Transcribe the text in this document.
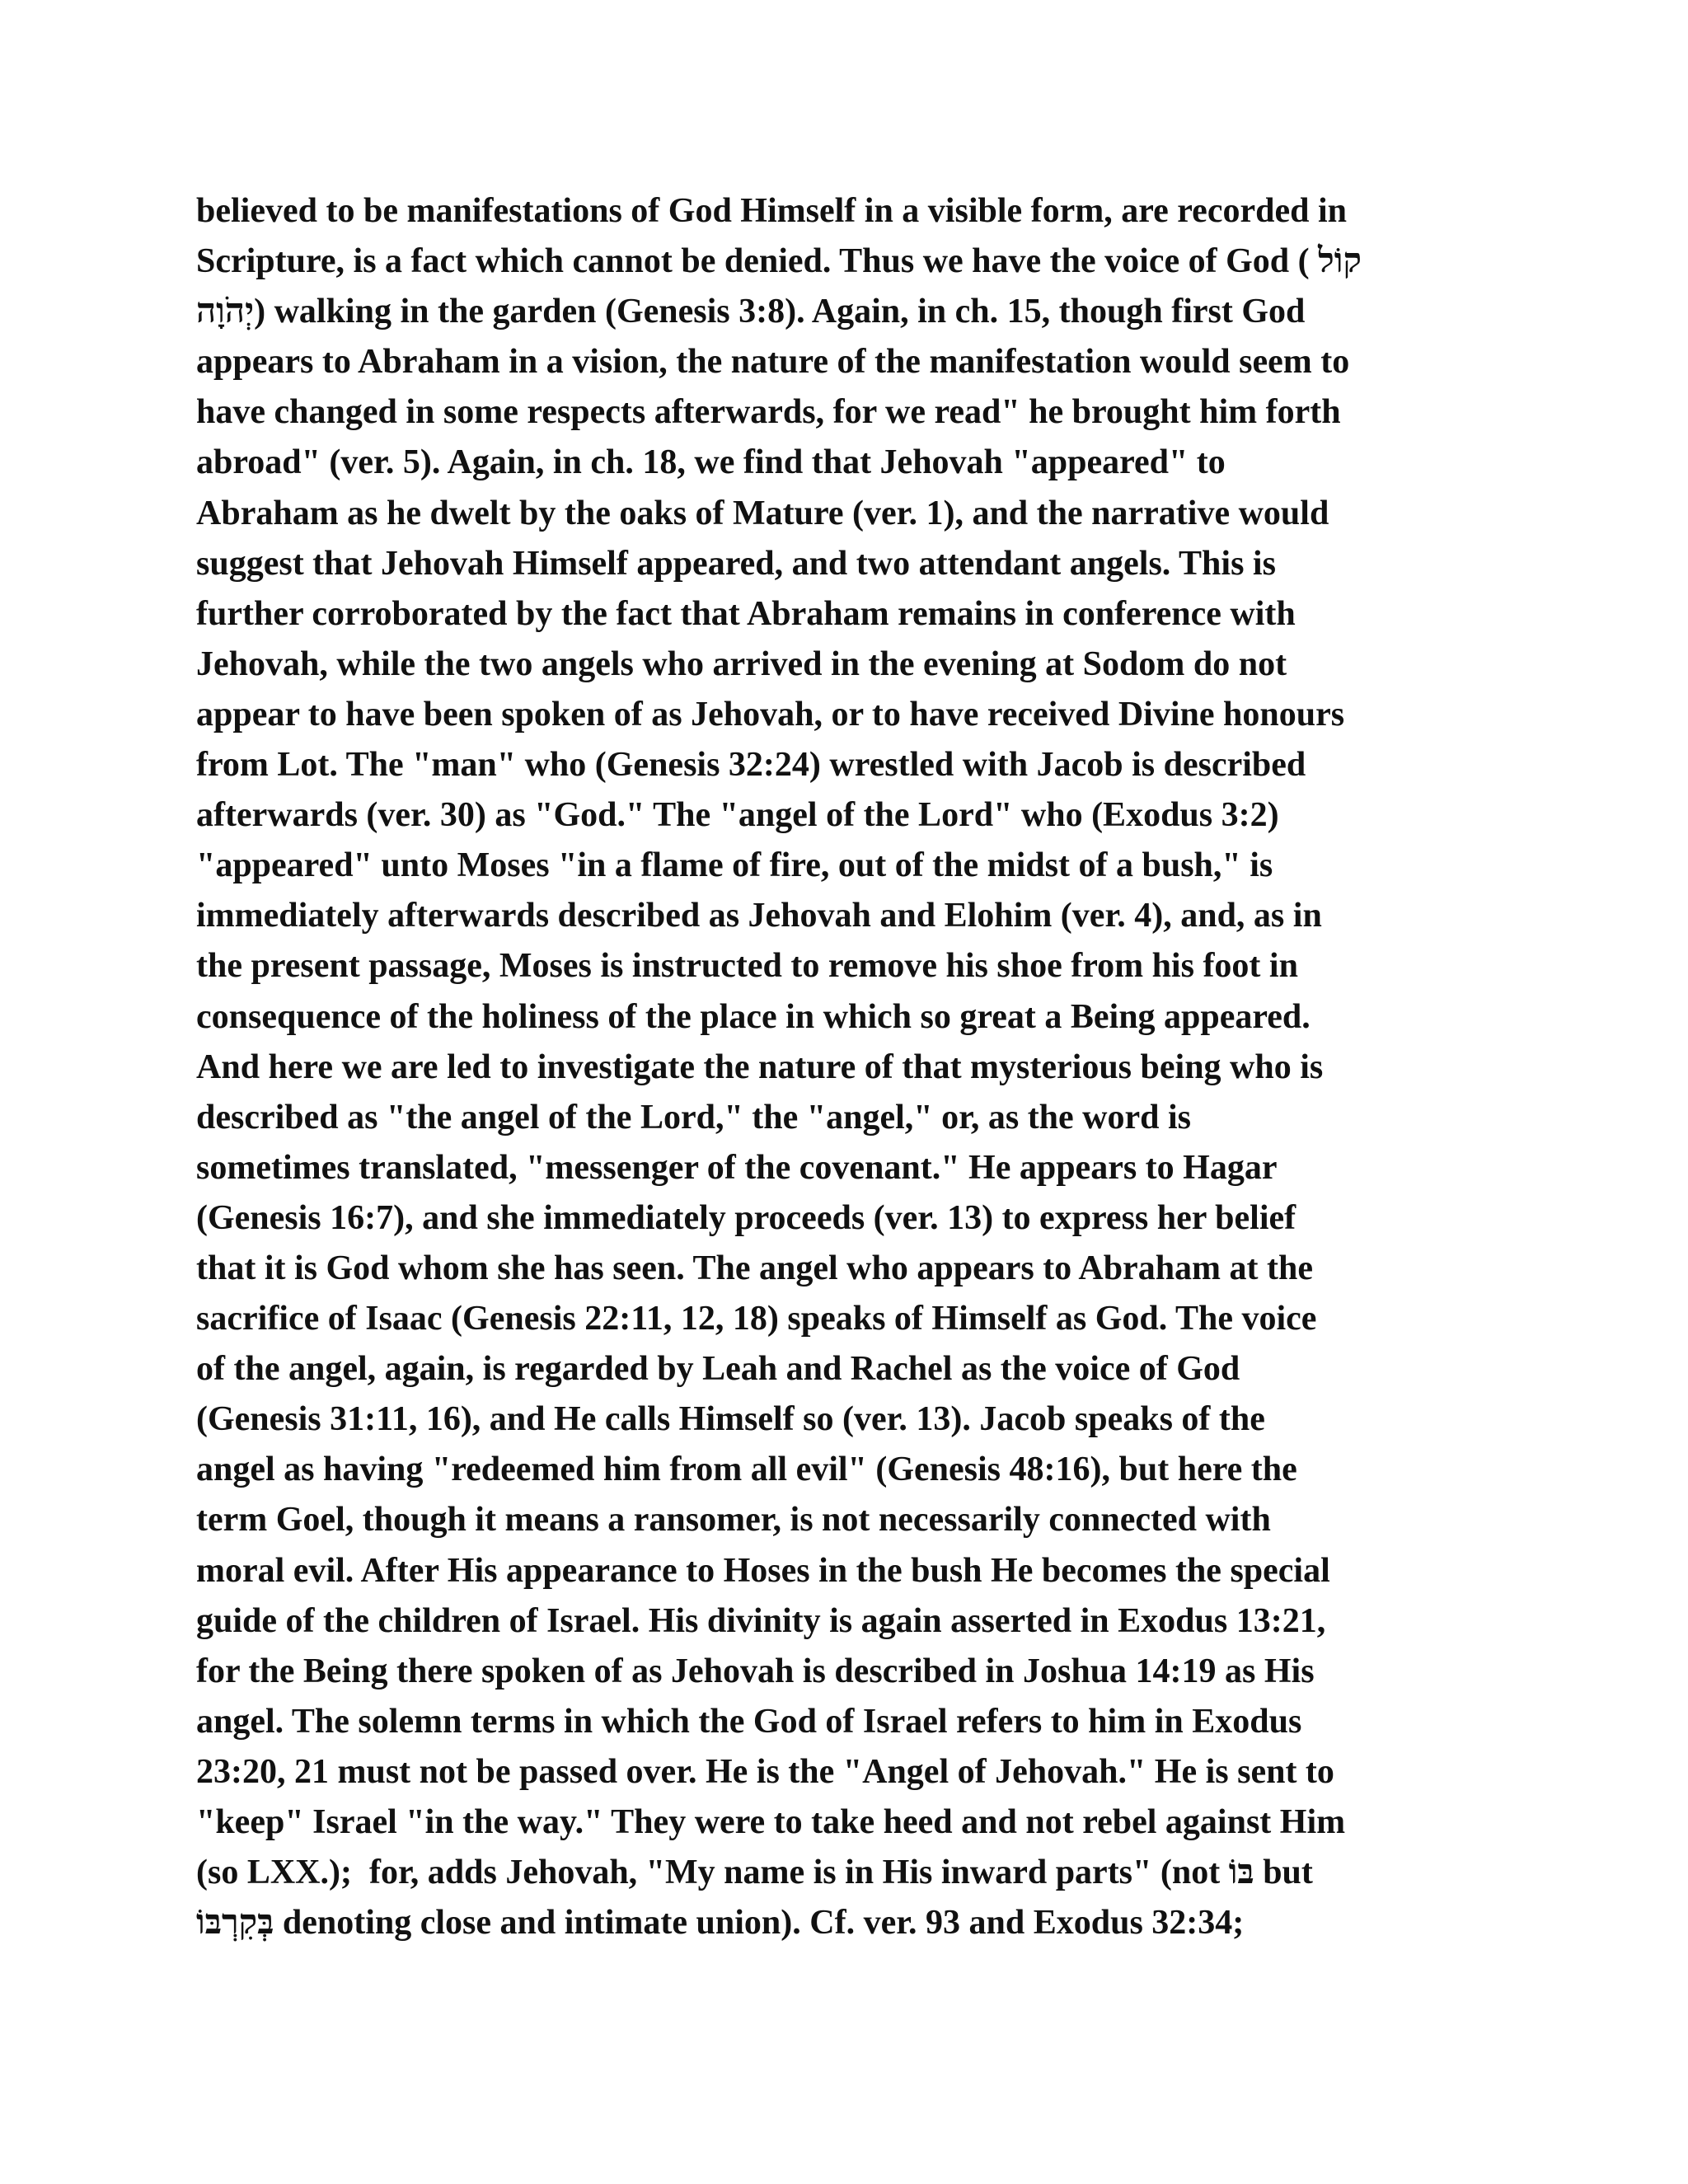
believed to be manifestations of God Himself in a visible form, are recorded in
Scripture, is a fact which cannot be denied. Thus we have the voice of God ( קוֹל
יְהֹוָה) walking in the garden (Genesis 3:8). Again, in ch. 15, though first God
appears to Abraham in a vision, the nature of the manifestation would seem to
have changed in some respects afterwards, for we read" he brought him forth
abroad" (ver. 5). Again, in ch. 18, we find that Jehovah "appeared" to
Abraham as he dwelt by the oaks of Mature (ver. 1), and the narrative would
suggest that Jehovah Himself appeared, and two attendant angels. This is
further corroborated by the fact that Abraham remains in conference with
Jehovah, while the two angels who arrived in the evening at Sodom do not
appear to have been spoken of as Jehovah, or to have received Divine honours
from Lot. The "man" who (Genesis 32:24) wrestled with Jacob is described
afterwards (ver. 30) as "God." The "angel of the Lord" who (Exodus 3:2)
"appeared" unto Moses "in a flame of fire, out of the midst of a bush," is
immediately afterwards described as Jehovah and Elohim (ver. 4), and, as in
the present passage, Moses is instructed to remove his shoe from his foot in
consequence of the holiness of the place in which so great a Being appeared.
And here we are led to investigate the nature of that mysterious being who is
described as "the angel of the Lord," the "angel," or, as the word is
sometimes translated, "messenger of the covenant." He appears to Hagar
(Genesis 16:7), and she immediately proceeds (ver. 13) to express her belief
that it is God whom she has seen. The angel who appears to Abraham at the
sacrifice of Isaac (Genesis 22:11, 12, 18) speaks of Himself as God. The voice
of the angel, again, is regarded by Leah and Rachel as the voice of God
(Genesis 31:11, 16), and He calls Himself so (ver. 13). Jacob speaks of the
angel as having "redeemed him from all evil" (Genesis 48:16), but here the
term Goel, though it means a ransomer, is not necessarily connected with
moral evil. After His appearance to Hoses in the bush He becomes the special
guide of the children of Israel. His divinity is again asserted in Exodus 13:21,
for the Being there spoken of as Jehovah is described in Joshua 14:19 as His
angel. The solemn terms in which the God of Israel refers to him in Exodus
23:20, 21 must not be passed over. He is the "Angel of Jehovah." He is sent to
"keep" Israel "in the way." They were to take heed and not rebel against Him
(so LXX.);  for, adds Jehovah, "My name is in His inward parts" (not בּוֹ but
בְּקִרְבּוֹ denoting close and intimate union). Cf. ver. 93 and Exodus 32:34;
